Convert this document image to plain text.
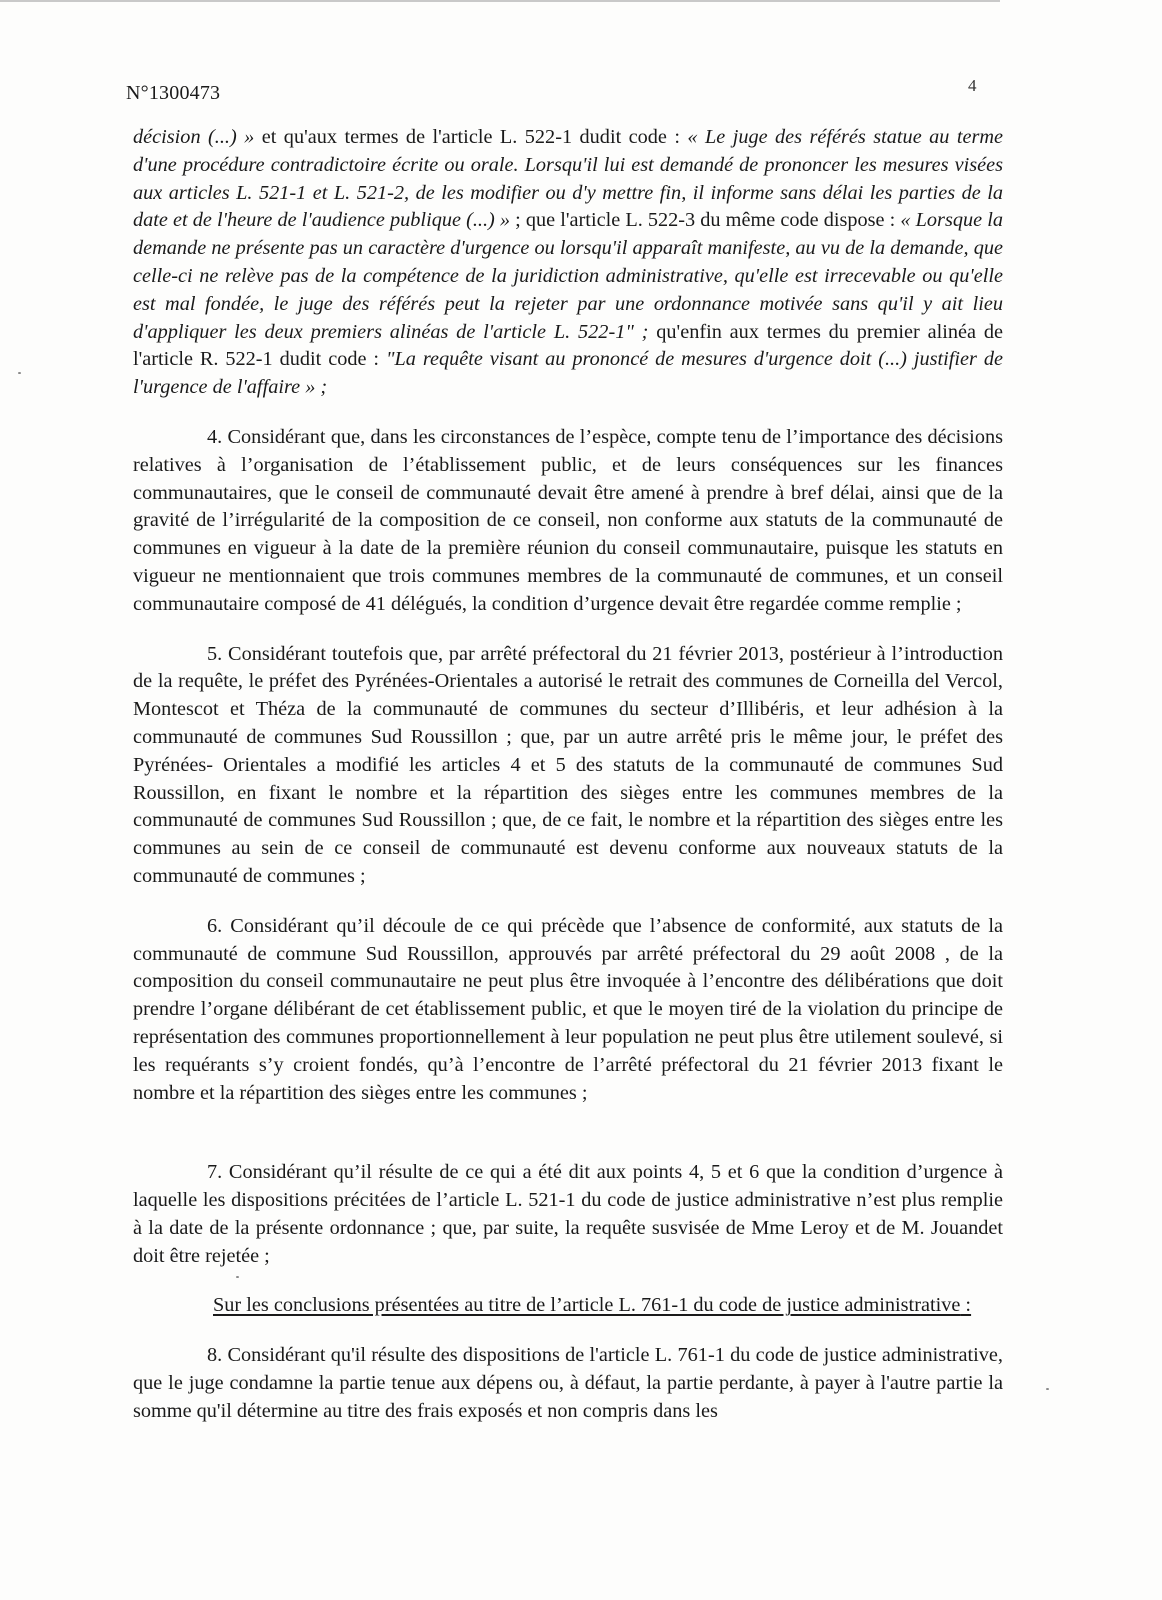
N°1300473	4

décision (...) » et qu'aux termes de l'article L. 522-1 dudit code : « Le juge des référés statue au terme d'une procédure contradictoire écrite ou orale. Lorsqu'il lui est demandé de prononcer les mesures visées aux articles L. 521-1 et L. 521-2, de les modifier ou d'y mettre fin, il informe sans délai les parties de la date et de l'heure de l'audience publique (...) » ; que l'article L. 522-3 du même code dispose : « Lorsque la demande ne présente pas un caractère d'urgence ou lorsqu'il apparaît manifeste, au vu de la demande, que celle-ci ne relève pas de la compétence de la juridiction administrative, qu'elle est irrecevable ou qu'elle est mal fondée, le juge des référés peut la rejeter par une ordonnance motivée sans qu'il y ait lieu d'appliquer les deux premiers alinéas de l'article L. 522-1" ; qu'enfin aux termes du premier alinéa de l'article R. 522-1 dudit code : "La requête visant au prononcé de mesures d'urgence doit (...) justifier de l'urgence de l'affaire » ;

4. Considérant que, dans les circonstances de l’espèce, compte tenu de l’importance des décisions relatives à l’organisation de l’établissement public, et de leurs conséquences sur les finances communautaires, que le conseil de communauté devait être amené à prendre à bref délai, ainsi que de la gravité de l’irrégularité de la composition de ce conseil, non conforme aux statuts de la communauté de communes en vigueur à la date de la première réunion du conseil communautaire, puisque les statuts en vigueur ne mentionnaient que trois communes membres de la communauté de communes, et un conseil communautaire composé de 41 délégués, la condition d’urgence devait être regardée comme remplie ;

5. Considérant toutefois que, par arrêté préfectoral du 21 février 2013, postérieur à l’introduction de la requête, le préfet des Pyrénées-Orientales a autorisé le retrait des communes de Corneilla del Vercol, Montescot et Théza de la communauté de communes du secteur d’Illibéris, et leur adhésion à la communauté de communes Sud Roussillon ; que, par un autre arrêté pris le même jour, le préfet des Pyrénées- Orientales a modifié les articles 4 et 5 des statuts de la communauté de communes Sud Roussillon, en fixant le nombre et la répartition des sièges entre les communes membres de la communauté de communes Sud Roussillon ; que, de ce fait, le nombre et la répartition des sièges entre les communes au sein de ce conseil de communauté est devenu conforme aux nouveaux statuts de la communauté de communes ;

6. Considérant qu’il découle de ce qui précède que l’absence de conformité, aux statuts de la communauté de commune Sud Roussillon, approuvés par arrêté préfectoral du 29 août 2008 , de la composition du conseil communautaire ne peut plus être invoquée à l’encontre des délibérations que doit prendre l’organe délibérant de cet établissement public, et que le moyen tiré de la violation du principe de représentation des communes proportionnellement à leur population ne peut plus être utilement soulevé, si les requérants s’y croient fondés, qu’à l’encontre de l’arrêté préfectoral du 21 février 2013 fixant le nombre et la répartition des sièges entre les communes ;

7. Considérant qu’il résulte de ce qui a été dit aux points 4, 5 et 6 que la condition d’urgence à laquelle les dispositions précitées de l’article L. 521-1 du code de justice administrative n’est plus remplie à la date de la présente ordonnance ; que, par suite, la requête susvisée de Mme Leroy et de M. Jouandet doit être rejetée ;

Sur les conclusions présentées au titre de l’article L. 761-1 du code de justice administrative :

8. Considérant qu'il résulte des dispositions de l'article L. 761-1 du code de justice administrative, que le juge condamne la partie tenue aux dépens ou, à défaut, la partie perdante, à payer à l'autre partie la somme qu'il détermine au titre des frais exposés et non compris dans les
